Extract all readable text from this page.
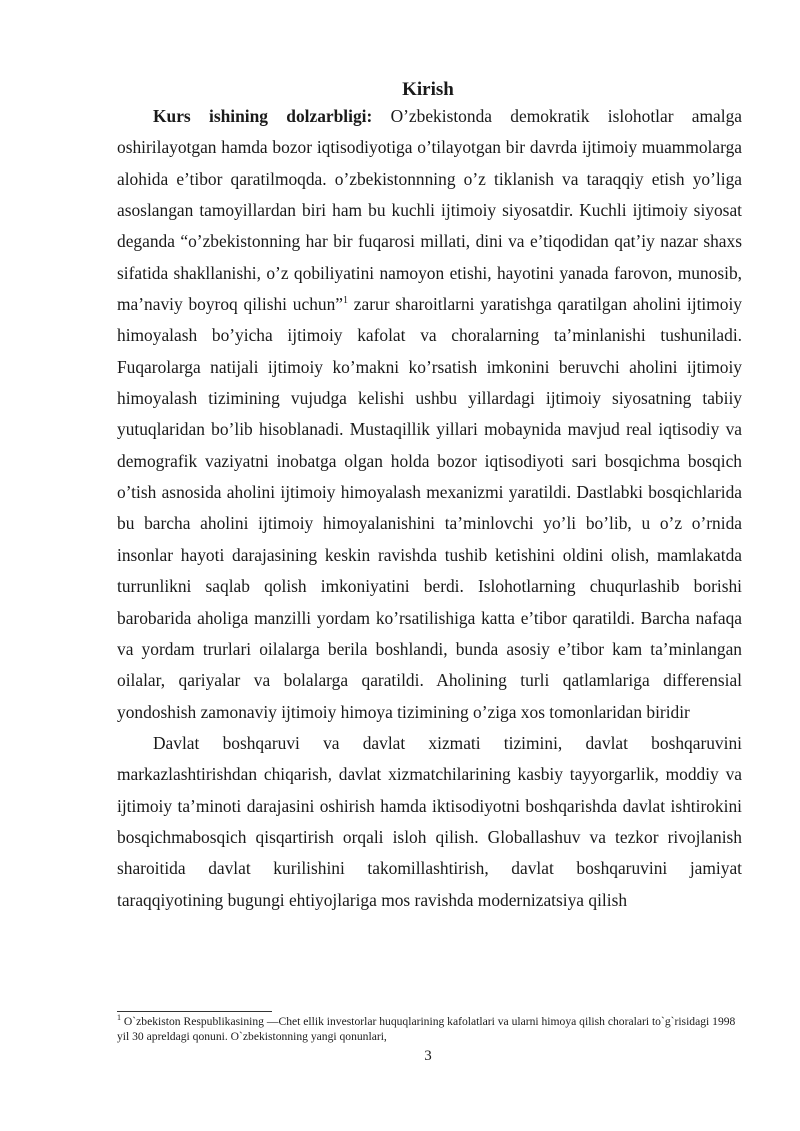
Kirish

Kurs ishining dolzarbligi: O’zbekistonda demokratik islohotlar amalga oshirilayotgan hamda bozor iqtisodiyotiga o’tilayotgan bir davrda ijtimoiy muammolarga alohida e’tibor qaratilmoqda. o’zbekistonnning o’z tiklanish va taraqqiy etish yo’liga asoslangan tamoyillardan biri ham bu kuchli ijtimoiy siyosatdir. Kuchli ijtimoiy siyosat deganda “o’zbekistonning har bir fuqarosi millati, dini va e’tiqodidan qat’iy nazar shaxs sifatida shakllanishi, o’z qobiliyatini namoyon etishi, hayotini yanada farovon, munosib, ma’naviy boyroq qilishi uchun”$^1$ zarur sharoitlarni yaratishga qaratilgan aholini ijtimoiy himoyalash bo’yicha ijtimoiy kafolat va choralarning ta’minlanishi tushuniladi. Fuqarolarga natijali ijtimoiy ko’makni ko’rsatish imkonini beruvchi aholini ijtimoiy himoyalash tizimining vujudga kelishi ushbu yillardagi ijtimoiy siyosatning tabiiy yutuqlaridan bo’lib hisoblanadi. Mustaqillik yillari mobaynida mavjud real iqtisodiy va demografik vaziyatni inobatga olgan holda bozor iqtisodiyoti sari bosqichma bosqich o’tish asnosida aholini ijtimoiy himoyalash mexanizmi yaratildi. Dastlabki bosqichlarida bu barcha aholini ijtimoiy himoyalanishini ta’minlovchi yo’li bo’lib, u o’z o’rnida insonlar hayoti darajasining keskin ravishda tushib ketishini oldini olish, mamlakatda turrunlikni saqlab qolish imkoniyatini berdi. Islohotlarning chuqurlashib borishi barobarida aholiga manzilli yordam ko’rsatilishiga katta e’tibor qaratildi. Barcha nafaqa va yordam trurlari oilalarga berila boshlandi, bunda asosiy e’tibor kam ta’minlangan oilalar, qariyalar va bolalarga qaratildi. Aholining turli qatlamlariga differensial yondoshish zamonaviy ijtimoiy himoya tizimining o’ziga xos tomonlaridan biridir

Davlat boshqaruvi va davlat xizmati tizimini, davlat boshqaruvini markazlashtirishdan chiqarish, davlat xizmatchilarining kasbiy tayyorgarlik, moddiy va ijtimoiy ta’minoti darajasini oshirish hamda iktisodiyotni boshqarishda davlat ishtirokini bosqichmabosqich qisqartirish orqali isloh qilish. Globallashuv va tezkor rivojlanish sharoitida davlat kurilishini takomillashtirish, davlat boshqaruvini jamiyat taraqqiyotining bugungi ehtiyojlariga mos ravishda modernizatsiya qilish

$^1$ O`zbekiston Respublikasining ―Chet ellik investorlar huquqlarining kafolatlari va ularni himoya qilish choralari to`g`risidagi 1998 yil 30 apreldagi qonuni. O`zbekistonning yangi qonunlari,

3
